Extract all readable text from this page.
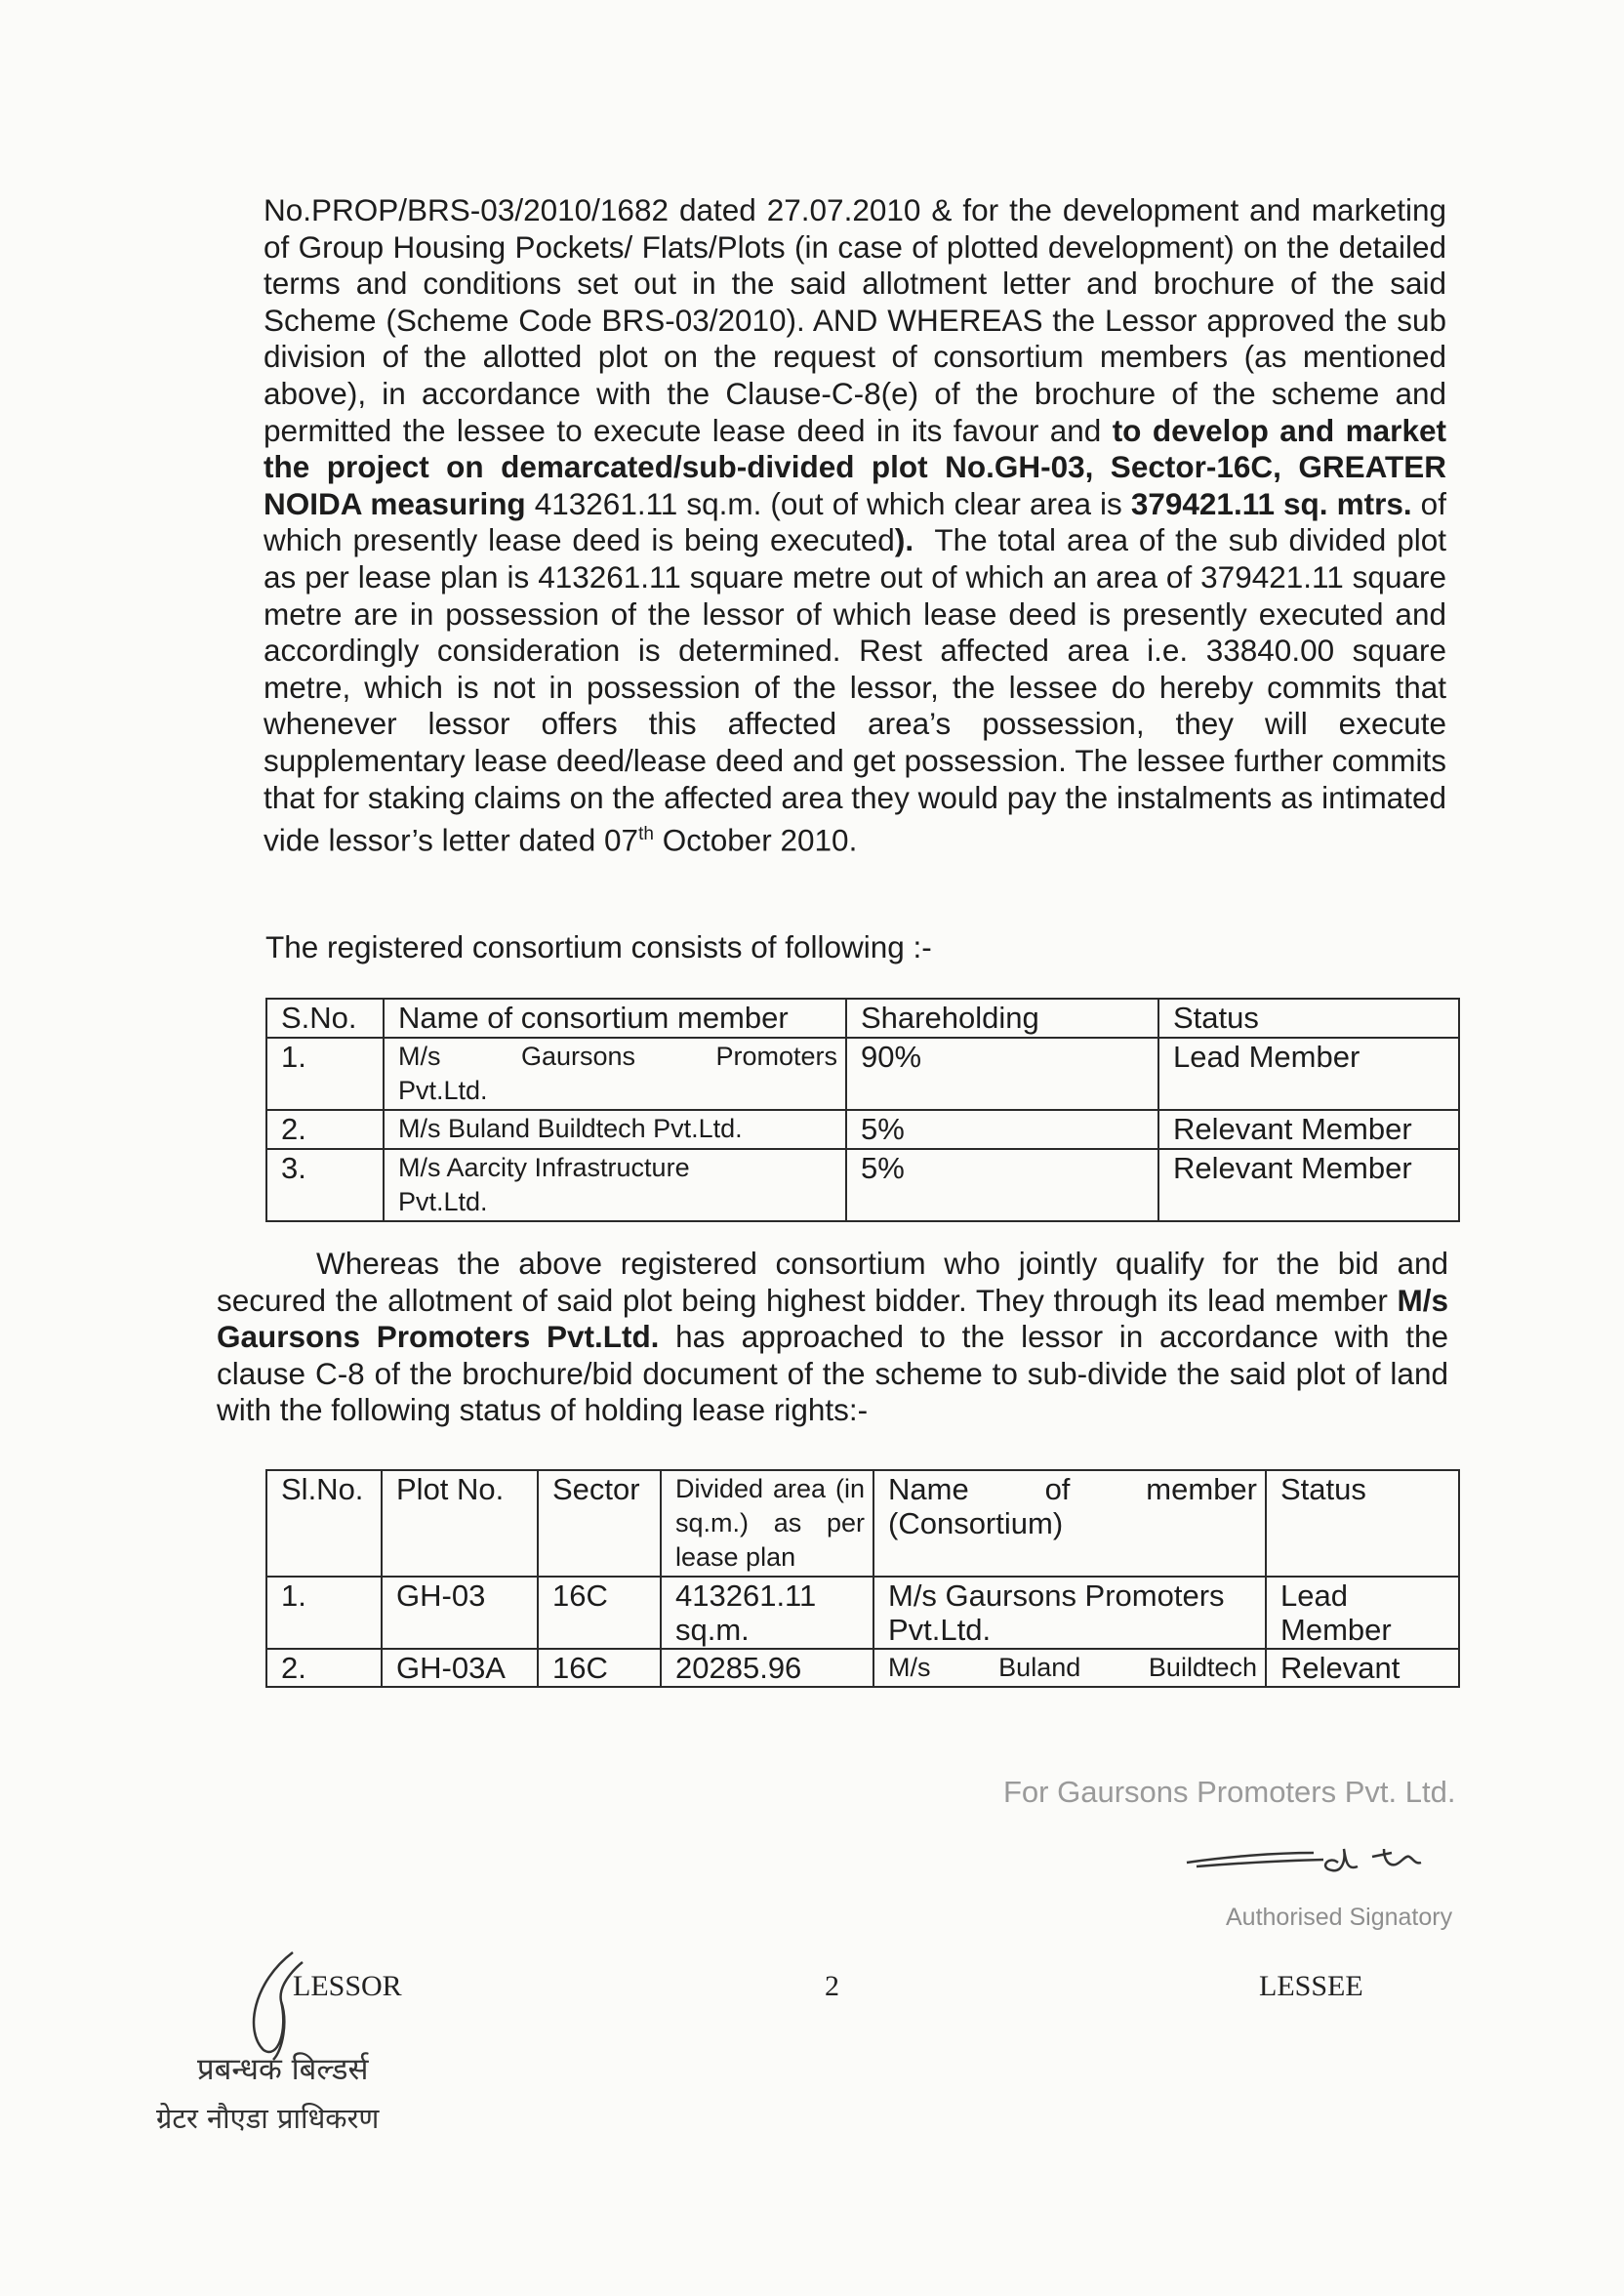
No.PROP/BRS-03/2010/1682 dated 27.07.2010 & for the development and marketing of Group Housing Pockets/ Flats/Plots (in case of plotted development) on the detailed terms and conditions set out in the said allotment letter and brochure of the said Scheme (Scheme Code BRS-03/2010). AND WHEREAS the Lessor approved the sub division of the allotted plot on the request of consortium members (as mentioned above), in accordance with the Clause-C-8(e) of the brochure of the scheme and permitted the lessee to execute lease deed in its favour and to develop and market the project on demarcated/sub-divided plot No.GH-03, Sector-16C, GREATER NOIDA measuring 413261.11 sq.m. (out of which clear area is 379421.11 sq. mtrs. of which presently lease deed is being executed). The total area of the sub divided plot as per lease plan is 413261.11 square metre out of which an area of 379421.11 square metre are in possession of the lessor of which lease deed is presently executed and accordingly consideration is determined. Rest affected area i.e. 33840.00 square metre, which is not in possession of the lessor, the lessee do hereby commits that whenever lessor offers this affected area’s possession, they will execute supplementary lease deed/lease deed and get possession. The lessee further commits that for staking claims on the affected area they would pay the instalments as intimated vide lessor’s letter dated 07th October 2010.

The registered consortium consists of following :-

S.No.	Name of consortium member	Shareholding	Status
1.	M/s Gaursons Promoters Pvt.Ltd.	90%	Lead Member
2.	M/s Buland Buildtech Pvt.Ltd.	5%	Relevant Member
3.	M/s Aarcity Infrastructure Pvt.Ltd.	5%	Relevant Member

Whereas the above registered consortium who jointly qualify for the bid and secured the allotment of said plot being highest bidder. They through its lead member M/s Gaursons Promoters Pvt.Ltd. has approached to the lessor in accordance with the clause C-8 of the brochure/bid document of the scheme to sub-divide the said plot of land with the following status of holding lease rights:-

Sl.No.	Plot No.	Sector	Divided area (in sq.m.) as per lease plan	Name of member (Consortium)	Status
1.	GH-03	16C	413261.11 sq.m.	M/s Gaursons Promoters Pvt.Ltd.	Lead Member
2.	GH-03A	16C	20285.96	M/s Buland Buildtech	Relevant
For Gaursons Promoters Pvt. Ltd.
Authorised Signatory
LESSOR	2	LESSEE
प्रबन्धक बिल्डर्स
ग्रेटर नौएडा प्राधिकरण
